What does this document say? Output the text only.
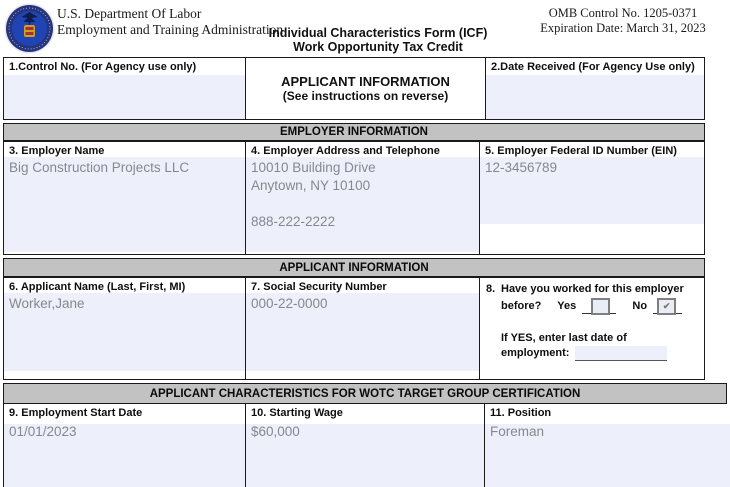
U.S. Department Of Labor
Employment and Training Administration
Individual Characteristics Form (ICF)
Work Opportunity Tax Credit
OMB Control No. 1205-0371
Expiration Date: March 31, 2023
1.Control No. (For Agency use only)
APPLICANT INFORMATION
(See instructions on reverse)
2.Date Received (For Agency Use only)
EMPLOYER INFORMATION
3. Employer Name
Big Construction Projects LLC
4. Employer Address and Telephone
10010 Building Drive
Anytown, NY 10100

888-222-2222
5. Employer Federal ID Number (EIN)
12-3456789
APPLICANT INFORMATION
6. Applicant Name (Last, First, MI)
Worker,Jane
7. Social Security Number
000-22-0000
8. Have you worked for this employer
before? Yes	No ✔
If YES, enter last date of
employment:
APPLICANT CHARACTERISTICS FOR WOTC TARGET GROUP CERTIFICATION
9. Employment Start Date
01/01/2023
10. Starting Wage
$60,000
11. Position
Foreman
